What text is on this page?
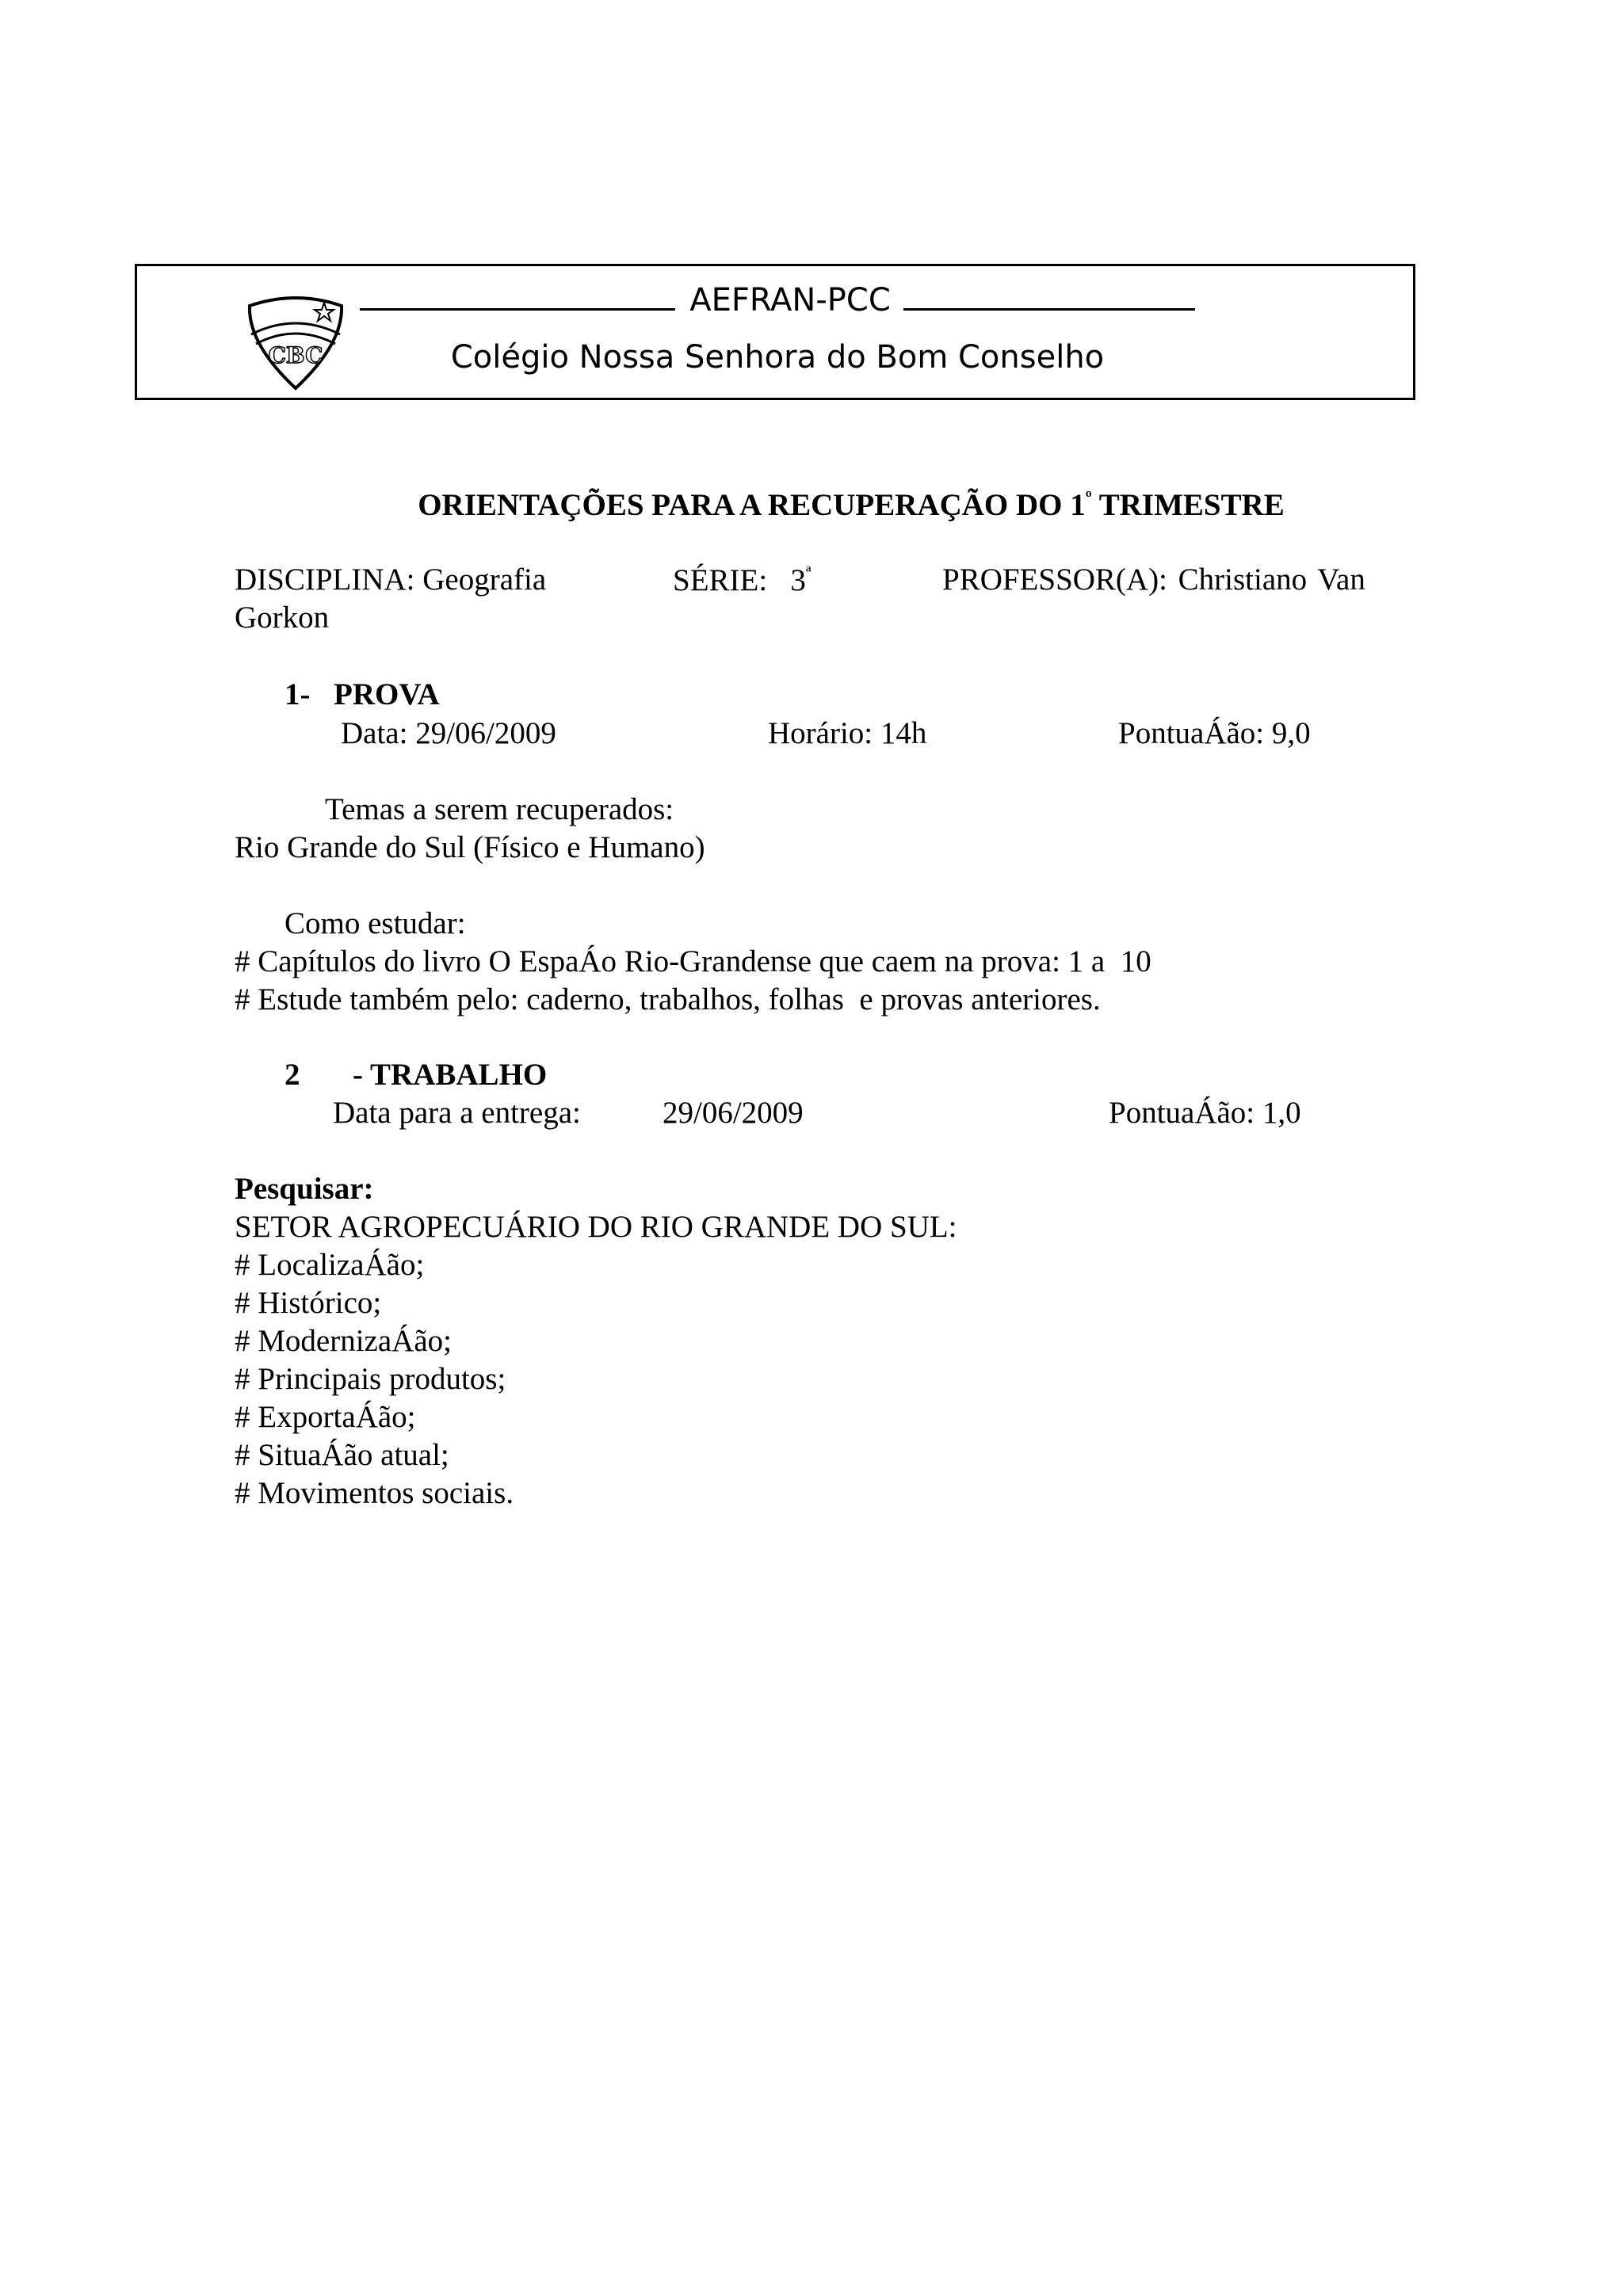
CBC
AEFRAN-PCC
Colégio Nossa Senhora do Bom Conselho
ORIENTAÇÕES PARA A RECUPERAÇÃO DO $1^º$ TRIMESTRE
DISCIPLINA: Geografia	SÉRIE: $3^ª$	PROFESSOR(A): Christiano Van
Gorkon
1- PROVA
Data: 29/06/2009	Horário: 14h	PontuaÁão: 9,0
Temas a serem recuperados:
Rio Grande do Sul (Físico e Humano)
Como estudar:
# Capítulos do livro O EspaÁo Rio-Grandense que caem na prova: 1 a  10
# Estude também pelo: caderno, trabalhos, folhas  e provas anteriores.
2 - TRABALHO
Data para a entrega:	29/06/2009	PontuaÁão: 1,0
Pesquisar:
SETOR AGROPECUÁRIO DO RIO GRANDE DO SUL:
# LocalizaÁão;
# Histórico;
# ModernizaÁão;
# Principais produtos;
# ExportaÁão;
# SituaÁão atual;
# Movimentos sociais.
